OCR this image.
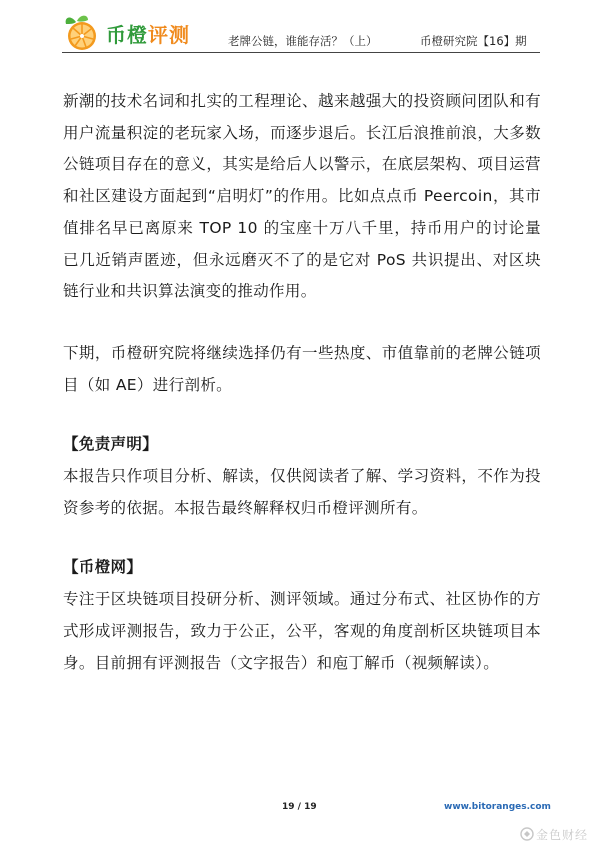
币橙评测	老牌公链，谁能存活？（上）	币橙研究院【16】期

新潮的技术名词和扎实的工程理论、越来越强大的投资顾问团队和有用户流量积淀的老玩家入场，而逐步退后。长江后浪推前浪，大多数公链项目存在的意义，其实是给后人以警示，在底层架构、项目运营和社区建设方面起到“启明灯”的作用。比如点点币 Peercoin，其市值排名早已离原来 TOP 10 的宝座十万八千里，持币用户的讨论量已几近销声匿迹，但永远磨灭不了的是它对 PoS 共识提出、对区块链行业和共识算法演变的推动作用。

下期，币橙研究院将继续选择仍有一些热度、市值靠前的老牌公链项目（如 AE）进行剖析。

【免责声明】

本报告只作项目分析、解读，仅供阅读者了解、学习资料，不作为投资参考的依据。本报告最终解释权归币橙评测所有。

【币橙网】

专注于区块链项目投研分析、测评领域。通过分布式、社区协作的方式形成评测报告，致力于公正，公平，客观的角度剖析区块链项目本身。目前拥有评测报告（文字报告）和庖丁解币（视频解读）。

19 / 19	www.bitoranges.com
金色财经
